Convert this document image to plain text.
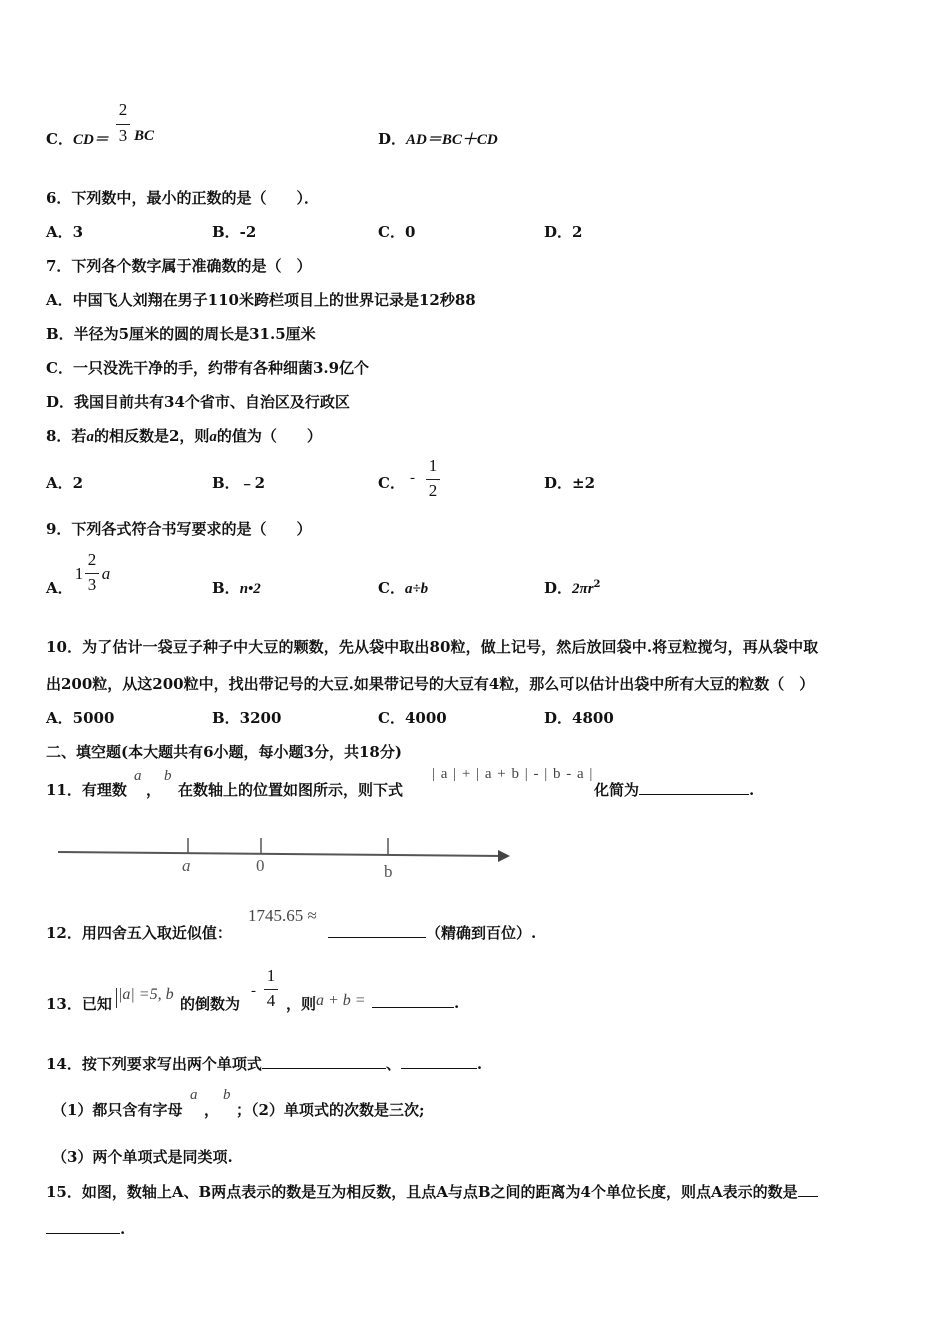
C．CD＝
2
3 BC	D．AD＝BC＋CD
6．下列数中，最小的正数的是（　　）．
A．3	B．-2	C．0	D．2
7．下列各个数字属于准确数的是（　）
A．中国飞人刘翔在男子110米跨栏项目上的世界记录是12秒88
B．半径为5厘米的圆的周长是31.5厘米
C．一只没洗干净的手，约带有各种细菌3.9亿个
D．我国目前共有34个省市、自治区及行政区
8．若a的相反数是2，则a的值为（　　）
A．2	B．﹣2	C． -
1
2	D．±2
9．下列各式符合书写要求的是（　　）
A．
1
2
3
a
B．n•2	C．a÷b	D．$2\pi r^2$
10．为了估计一袋豆子种子中大豆的颗数，先从袋中取出80粒，做上记号，然后放回袋中.将豆粒搅匀，再从袋中取
出200粒，从这200粒中，找出带记号的大豆.如果带记号的大豆有4粒，那么可以估计出袋中所有大豆的粒数（　）
A．5000	B．3200	C．4000	D．4800
二、填空题(本大题共有6小题，每小题3分，共18分)
11．有理数
a
，
b
在数轴上的位置如图所示，则下式
| a | + | a + b | - | b - a |
化简为	.
a	0	b
12．用四舍五入取近似值：
1745.65 ≈
（精确到百位）.
13．已知
|a| =5, b
的倒数为
-
1
4 ，则 a + b =	.
14．按下列要求写出两个单项式	、	.
（1）都只含有字母
a
，
b
；（2）单项式的次数是三次;
（3）两个单项式是同类项.
15．如图，数轴上A、B两点表示的数是互为相反数，且点A与点B之间的距离为4个单位长度，则点A表示的数是
.
